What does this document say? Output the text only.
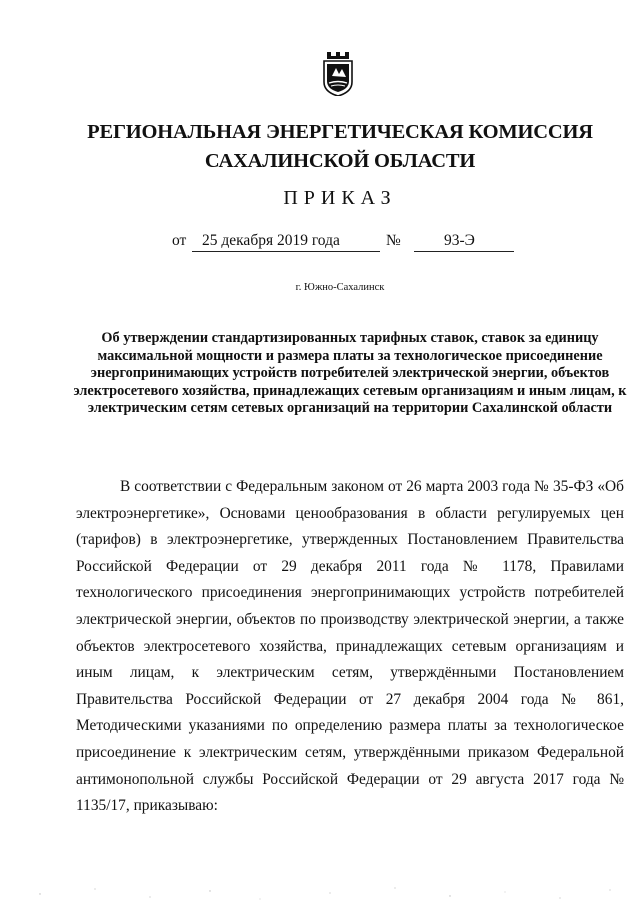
РЕГИОНАЛЬНАЯ ЭНЕРГЕТИЧЕСКАЯ КОМИССИЯ
САХАЛИНСКОЙ ОБЛАСТИ
ПРИКАЗ
от 25 декабря 2019 года	№	93-Э
г. Южно-Сахалинск
Об утверждении стандартизированных тарифных ставок, ставок за единицу максимальной мощности и размера платы за технологическое присоединение энергопринимающих устройств потребителей электрической энергии, объектов электросетевого хозяйства, принадлежащих сетевым организациям и иным лицам, к электрическим сетям сетевых организаций на территории Сахалинской области
В соответствии с Федеральным законом от 26 марта 2003 года № 35-ФЗ «Об электроэнергетике», Основами ценообразования в области регулируемых цен (тарифов) в электроэнергетике, утвержденных Постановлением Правительства Российской Федерации от 29 декабря 2011 года № 1178, Правилами технологического присоединения энергопринимающих устройств потребителей электрической энергии, объектов по производству электрической энергии, а также объектов электросетевого хозяйства, принадлежащих сетевым организациям и иным лицам, к электрическим сетям, утверждёнными Постановлением Правительства Российской Федерации от 27 декабря 2004 года № 861, Методическими указаниями по определению размера платы за технологическое присоединение к электрическим сетям, утверждёнными приказом Федеральной антимонопольной службы Российской Федерации от 29 августа 2017 года № 1135/17, приказываю:
